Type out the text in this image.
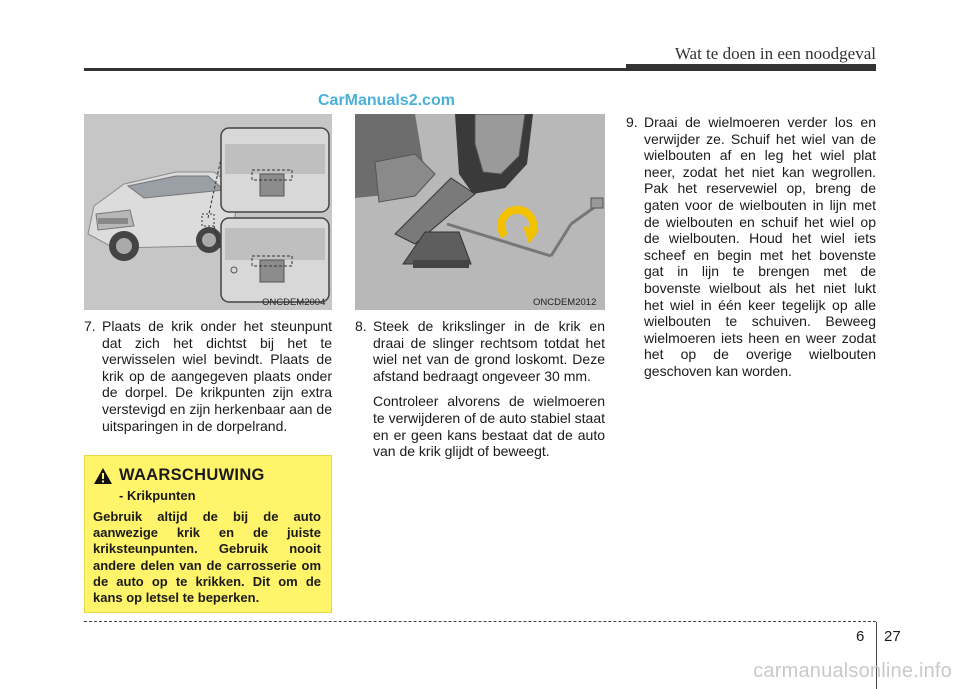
Wat te doen in een noodgeval
ONCDEM2004	ONCDEM2012
CarManuals2.com
7. Plaats de krik onder het steunpunt dat zich het dichtst bij het te verwisselen wiel bevindt. Plaats de krik op de aangegeven plaats onder de dorpel. De krikpunten zijn extra verstevigd en zijn herkenbaar aan de uitsparingen in de dorpelrand.

8. Steek de krikslinger in de krik en draai de slinger rechtsom totdat het wiel net van de grond loskomt. Deze afstand bedraagt ongeveer 30 mm.

Controleer alvorens de wielmoeren te verwijderen of de auto stabiel staat en er geen kans bestaat dat de auto van de krik glijdt of beweegt.

9. Draai de wielmoeren verder los en verwijder ze. Schuif het wiel van de wielbouten af en leg het wiel plat neer, zodat het niet kan wegrollen. Pak het reservewiel op, breng de gaten voor de wielbouten in lijn met de wielbouten en schuif het wiel op de wielbouten. Houd het wiel iets scheef en begin met het bovenste gat in lijn te brengen met de bovenste wielbout als het niet lukt het wiel in één keer tegelijk op alle wielbouten te schuiven. Beweeg wielmoeren iets heen en weer zodat het op de overige wielbouten geschoven kan worden.

WAARSCHUWING
- Krikpunten
Gebruik altijd de bij de auto aanwezige krik en de juiste kriksteunpunten. Gebruik nooit andere delen van de carrosserie om de auto op te krikken. Dit om de kans op letsel te beperken.
6 27
carmanualsonline.info
